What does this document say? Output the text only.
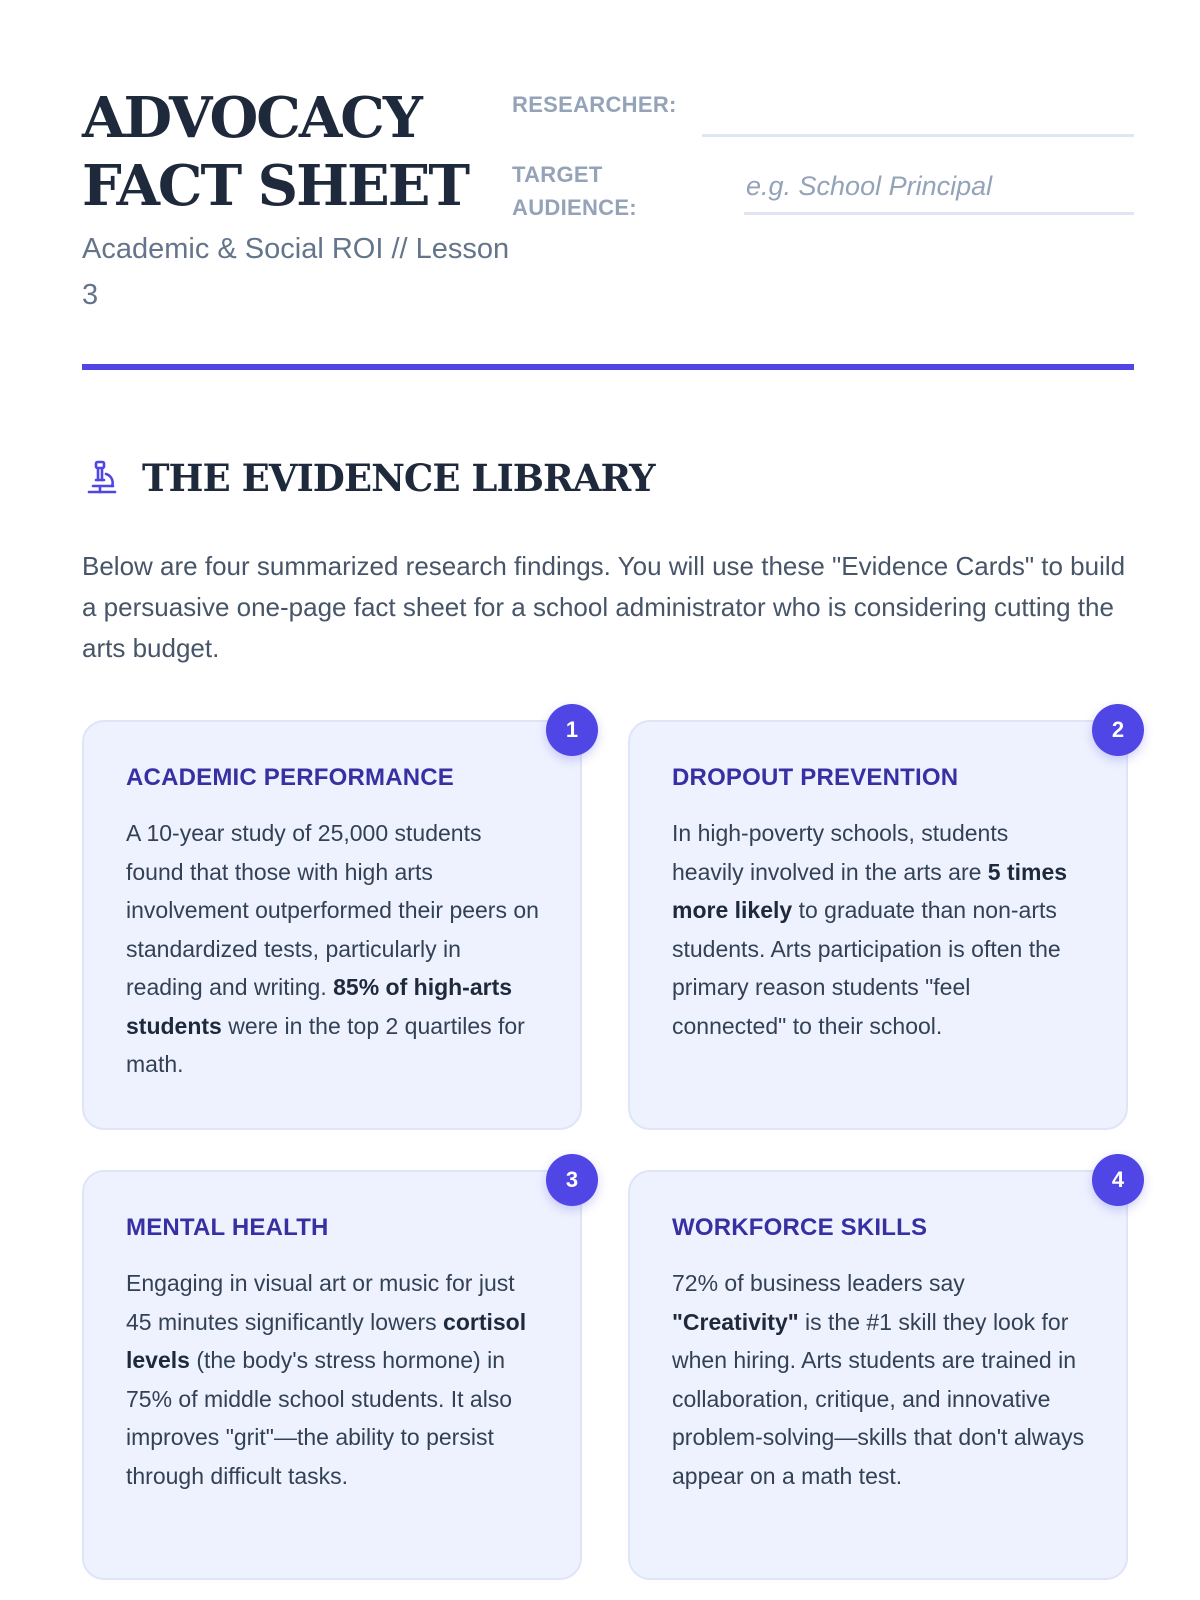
ADVOCACY
FACT SHEET

Academic & Social ROI // Lesson 3

RESEARCHER:
TARGET AUDIENCE:
e.g. School Principal
THE EVIDENCE LIBRARY

Below are four summarized research findings. You will use these "Evidence Cards" to build a persuasive one-page fact sheet for a school administrator who is considering cutting the arts budget.

1
ACADEMIC PERFORMANCE

A 10-year study of 25,000 students found that those with high arts involvement outperformed their peers on standardized tests, particularly in reading and writing. 85% of high-arts students were in the top 2 quartiles for math.

2
DROPOUT PREVENTION

In high-poverty schools, students heavily involved in the arts are 5 times more likely to graduate than non-arts students. Arts participation is often the primary reason students "feel connected" to their school.

3
MENTAL HEALTH

Engaging in visual art or music for just 45 minutes significantly lowers cortisol levels (the body's stress hormone) in 75% of middle school students. It also improves "grit"—the ability to persist through difficult tasks.

4
WORKFORCE SKILLS

72% of business leaders say "Creativity" is the #1 skill they look for when hiring. Arts students are trained in collaboration, critique, and innovative problem-solving—skills that don't always appear on a math test.
